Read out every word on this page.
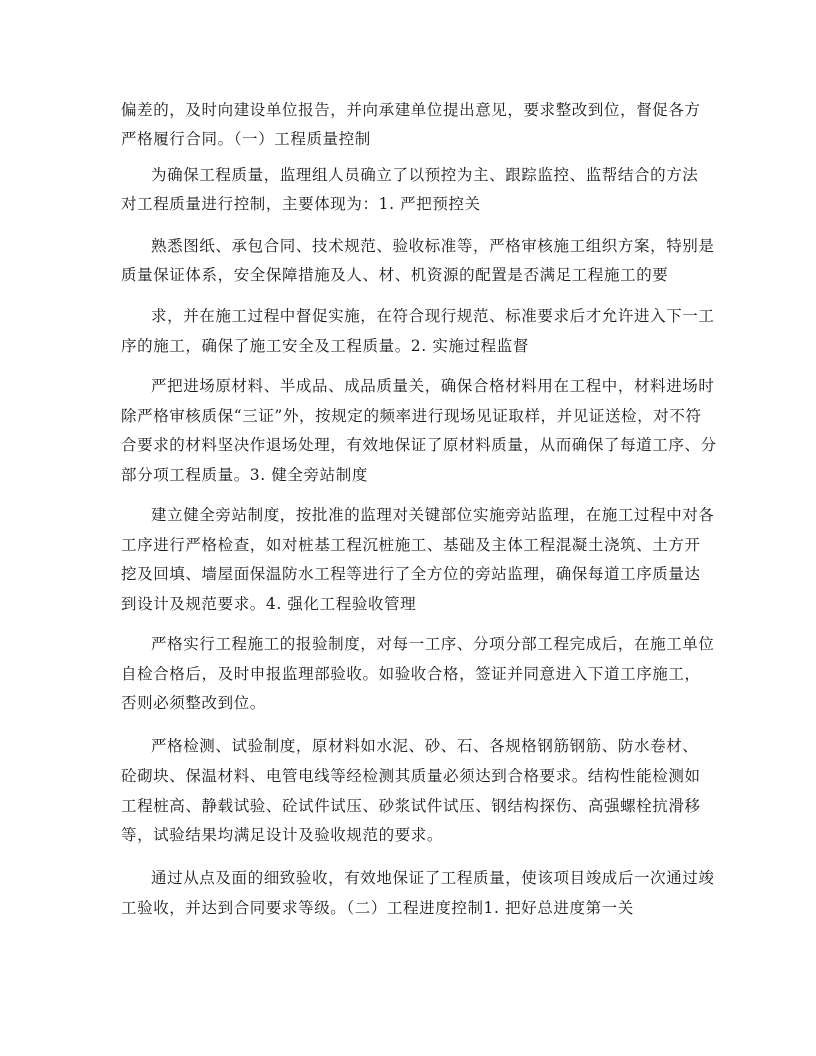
偏差的，及时向建设单位报告，并向承建单位提出意见，要求整改到位，督促各方
严格履行合同。（一）工程质量控制
为确保工程质量，监理组人员确立了以预控为主、跟踪监控、监帮结合的方法
对工程质量进行控制，主要体现为：1. 严把预控关
熟悉图纸、承包合同、技术规范、验收标准等，严格审核施工组织方案，特别是
质量保证体系，安全保障措施及人、材、机资源的配置是否满足工程施工的要
求，并在施工过程中督促实施，在符合现行规范、标准要求后才允许进入下一工
序的施工，确保了施工安全及工程质量。2. 实施过程监督
严把进场原材料、半成品、成品质量关，确保合格材料用在工程中，材料进场时
除严格审核质保“三证”外，按规定的频率进行现场见证取样，并见证送检，对不符
合要求的材料坚决作退场处理，有效地保证了原材料质量，从而确保了每道工序、分
部分项工程质量。3. 健全旁站制度
建立健全旁站制度，按批准的监理对关键部位实施旁站监理，在施工过程中对各
工序进行严格检查，如对桩基工程沉桩施工、基础及主体工程混凝土浇筑、土方开
挖及回填、墙屋面保温防水工程等进行了全方位的旁站监理，确保每道工序质量达
到设计及规范要求。4. 强化工程验收管理
严格实行工程施工的报验制度，对每一工序、分项分部工程完成后，在施工单位
自检合格后，及时申报监理部验收。如验收合格，签证并同意进入下道工序施工，
否则必须整改到位。
严格检测、试验制度，原材料如水泥、砂、石、各规格钢筋钢筋、防水卷材、
砼砌块、保温材料、电管电线等经检测其质量必须达到合格要求。结构性能检测如
工程桩高、静载试验、砼试件试压、砂浆试件试压、钢结构探伤、高强螺栓抗滑移
等，试验结果均满足设计及验收规范的要求。
通过从点及面的细致验收，有效地保证了工程质量，使该项目竣成后一次通过竣
工验收，并达到合同要求等级。（二）工程进度控制1. 把好总进度第一关
